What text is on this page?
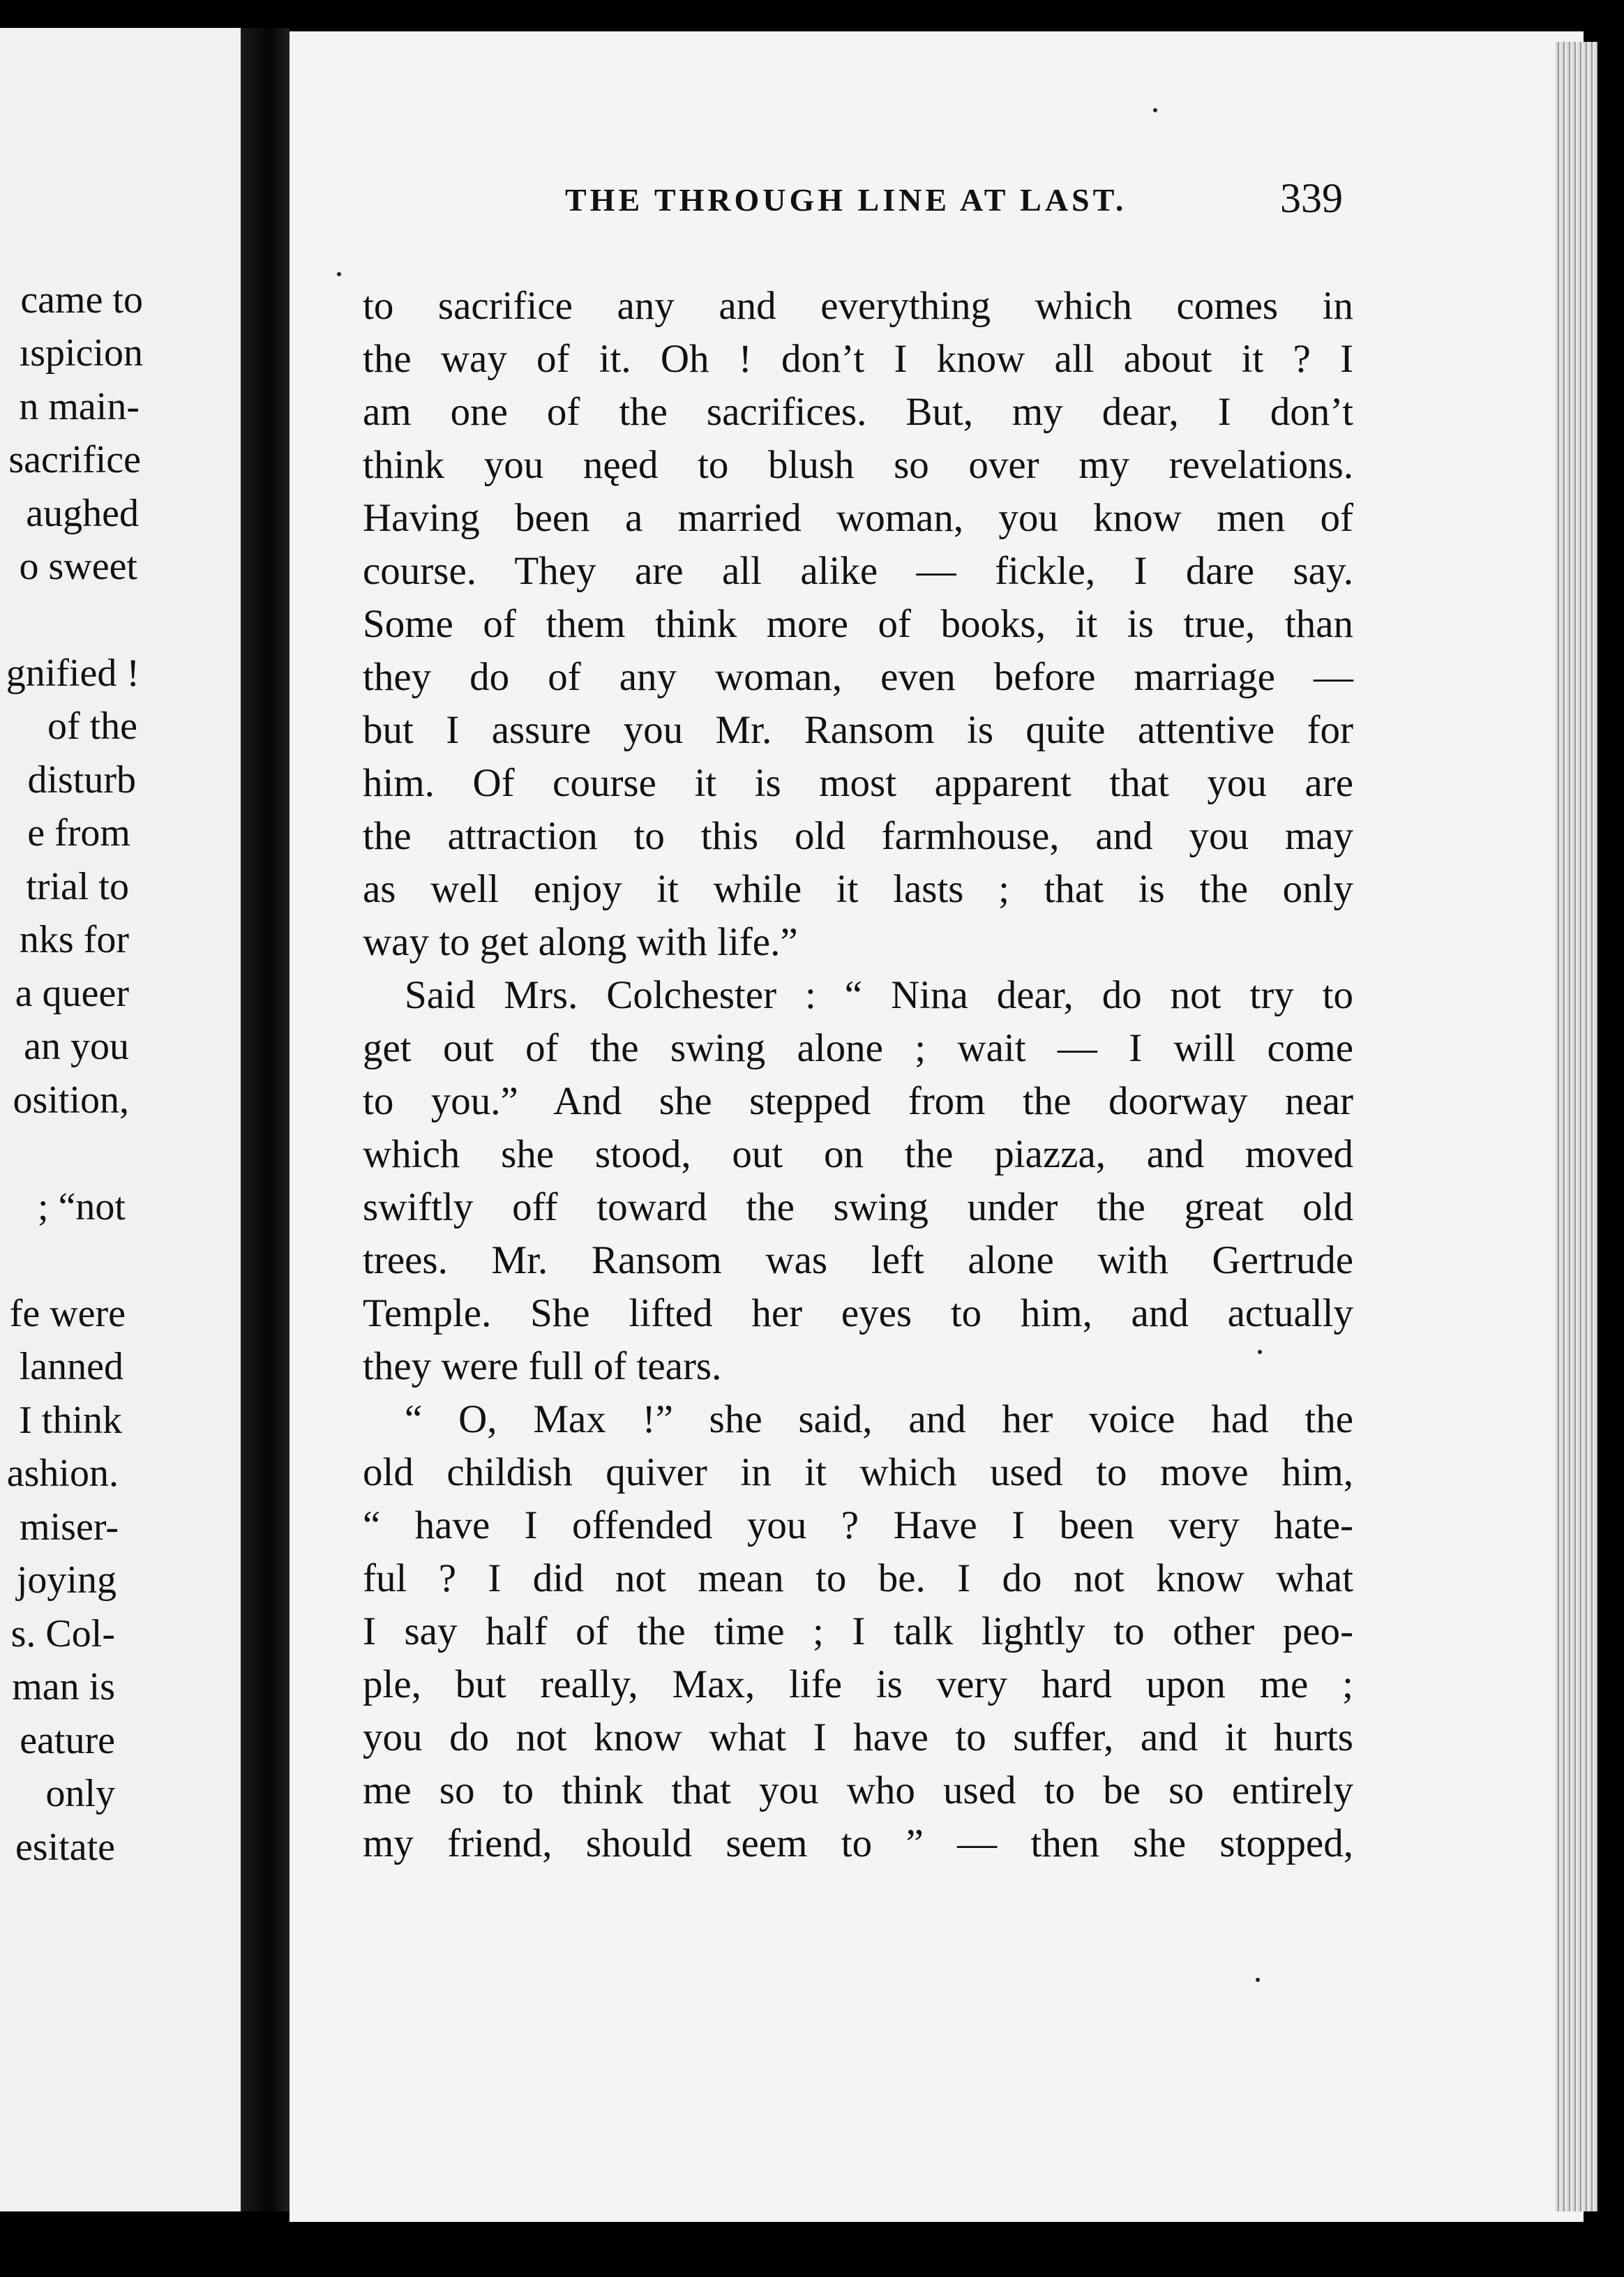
came to
ıspicion
n main-
sacrifice
aughed
o sweet
gnified !
of the
disturb
e from
trial to
nks for
a queer
an you
osition,
; “not
fe were
lanned
I think
ashion.
miser-
joying
s. Col-
man is
eature
only
esitate
THE THROUGH LINE AT LAST.	339
to sacrifice any and everything which comes in
the way of it. Oh ! don’t I know all about it ? I
am one of the sacrifices. But, my dear, I don’t
think you nęed to blush so over my revelations.
Having been a married woman, you know men of
course. They are all alike — fickle, I dare say.
Some of them think more of books, it is true, than
they do of any woman, even before marriage —
but I assure you Mr. Ransom is quite attentive for
him. Of course it is most apparent that you are
the attraction to this old farmhouse, and you may
as well enjoy it while it lasts ; that is the only
way to get along with life.”
Said Mrs. Colchester : “ Nina dear, do not try to
get out of the swing alone ; wait — I will come
to you.” And she stepped from the doorway near
which she stood, out on the piazza, and moved
swiftly off toward the swing under the great old
trees. Mr. Ransom was left alone with Gertrude
Temple. She lifted her eyes to him, and actually
they were full of tears.
“ O, Max !” she said, and her voice had the
old childish quiver in it which used to move him,
“ have I offended you ? Have I been very hate-
ful ? I did not mean to be. I do not know what
I say half of the time ; I talk lightly to other peo-
ple, but really, Max, life is very hard upon me ;
you do not know what I have to suffer, and it hurts
me so to think that you who used to be so entirely
my friend, should seem to ” — then she stopped,
